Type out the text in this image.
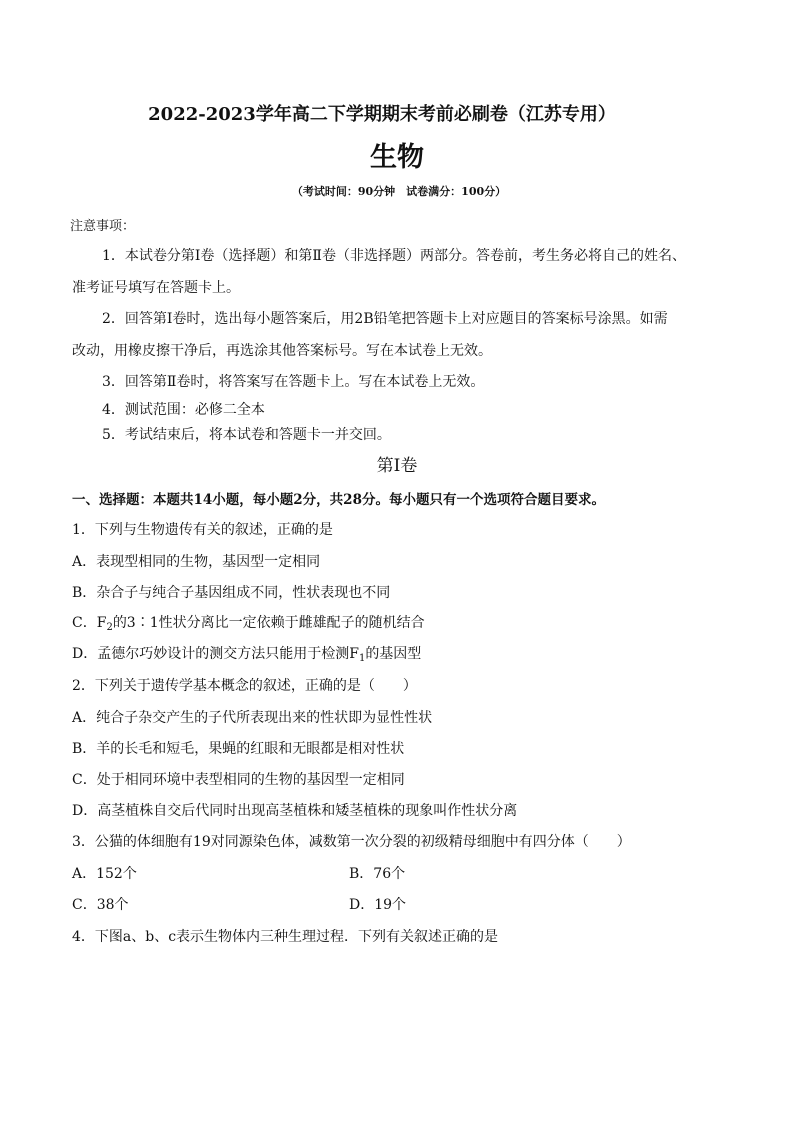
2022-2023学年高二下学期期末考前必刷卷（江苏专用）
生物
（考试时间：90分钟　试卷满分：100分）
注意事项：
1．本试卷分第Ⅰ卷（选择题）和第Ⅱ卷（非选择题）两部分。答卷前，考生务必将自己的姓名、
准考证号填写在答题卡上。
2．回答第Ⅰ卷时，选出每小题答案后，用2B铅笔把答题卡上对应题目的答案标号涂黑。如需
改动，用橡皮擦干净后，再选涂其他答案标号。写在本试卷上无效。
3．回答第Ⅱ卷时，将答案写在答题卡上。写在本试卷上无效。
4．测试范围：必修二全本
5．考试结束后，将本试卷和答题卡一并交回。
第Ⅰ卷
一、选择题：本题共14小题，每小题2分，共28分。每小题只有一个选项符合题目要求。
1．下列与生物遗传有关的叙述，正确的是
A．表现型相同的生物，基因型一定相同
B．杂合子与纯合子基因组成不同，性状表现也不同
C．$F_2$的3∶1性状分离比一定依赖于雌雄配子的随机结合
D．孟德尔巧妙设计的测交方法只能用于检测$F_1$的基因型
2．下列关于遗传学基本概念的叙述，正确的是（　　）
A．纯合子杂交产生的子代所表现出来的性状即为显性性状
B．羊的长毛和短毛，果蝇的红眼和无眼都是相对性状
C．处于相同环境中表型相同的生物的基因型一定相同
D．高茎植株自交后代同时出现高茎植株和矮茎植株的现象叫作性状分离
3．公猫的体细胞有19对同源染色体，减数第一次分裂的初级精母细胞中有四分体（　　）
A．152个	B．76个
C．38个	D．19个
4．下图a、b、c表示生物体内三种生理过程．下列有关叙述正确的是
